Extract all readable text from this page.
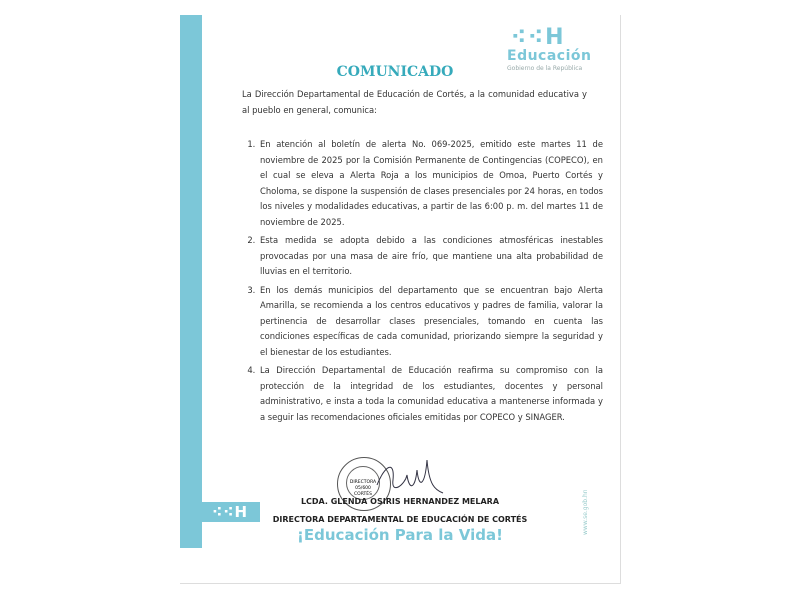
⁖⁖H
⁖⁖H
Educación
Gobierno de la República
COMUNICADO
La Dirección Departamental de Educación de Cortés, a la comunidad educativa y al pueblo en general, comunica:
1. En atención al boletín de alerta No. 069-2025, emitido este martes 11 de noviembre de 2025 por la Comisión Permanente de Contingencias (COPECO), en el cual se eleva a Alerta Roja a los municipios de Omoa, Puerto Cortés y Choloma, se dispone la suspensión de clases presenciales por 24 horas, en todos los niveles y modalidades educativas, a partir de las 6:00 p. m. del martes 11 de noviembre de 2025.
2. Esta medida se adopta debido a las condiciones atmosféricas inestables provocadas por una masa de aire frío, que mantiene una alta probabilidad de lluvias en el territorio.
3. En los demás municipios del departamento que se encuentran bajo Alerta Amarilla, se recomienda a los centros educativos y padres de familia, valorar la pertinencia de desarrollar clases presenciales, tomando en cuenta las condiciones específicas de cada comunidad, priorizando siempre la seguridad y el bienestar de los estudiantes.
4. La Dirección Departamental de Educación reafirma su compromiso con la protección de la integridad de los estudiantes, docentes y personal administrativo, e insta a toda la comunidad educativa a mantenerse informada y a seguir las recomendaciones oficiales emitidas por COPECO y SINAGER.
DIRECTORA 05/600
CORTÉS
LCDA. GLENDA OSIRIS HERNANDEZ MELARA
DIRECTORA DEPARTAMENTAL DE EDUCACIÓN DE CORTÉS
¡Educación Para la Vida!	www.se.gob.hn
